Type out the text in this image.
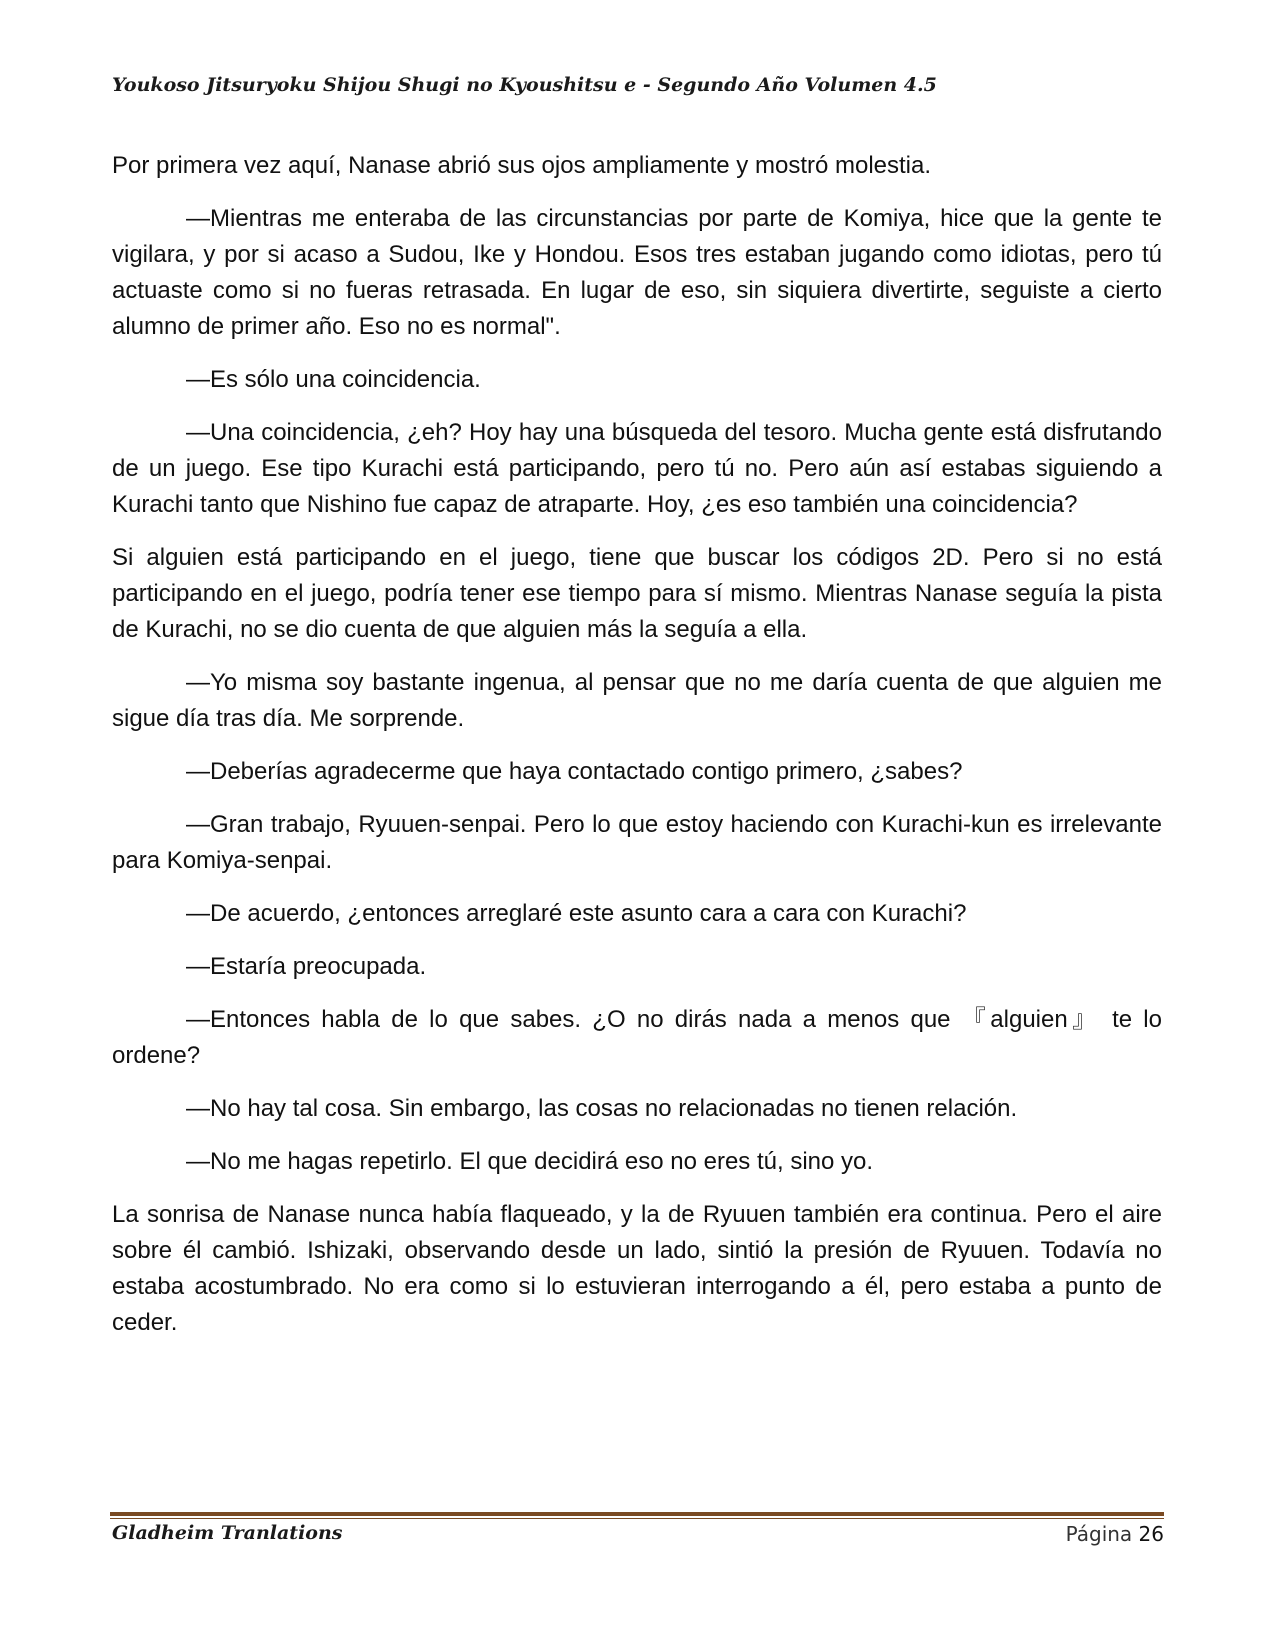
Youkoso Jitsuryoku Shijou Shugi no Kyoushitsu e - Segundo Año Volumen 4.5

Por primera vez aquí, Nanase abrió sus ojos ampliamente y mostró molestia.

—Mientras me enteraba de las circunstancias por parte de Komiya, hice que la gente te vigilara, y por si acaso a Sudou, Ike y Hondou. Esos tres estaban jugando como idiotas, pero tú actuaste como si no fueras retrasada. En lugar de eso, sin siquiera divertirte, seguiste a cierto alumno de primer año. Eso no es normal".

—Es sólo una coincidencia.

—Una coincidencia, ¿eh? Hoy hay una búsqueda del tesoro. Mucha gente está disfrutando de un juego. Ese tipo Kurachi está participando, pero tú no. Pero aún así estabas siguiendo a Kurachi tanto que Nishino fue capaz de atraparte. Hoy, ¿es eso también una coincidencia?

Si alguien está participando en el juego, tiene que buscar los códigos 2D. Pero si no está participando en el juego, podría tener ese tiempo para sí mismo. Mientras Nanase seguía la pista de Kurachi, no se dio cuenta de que alguien más la seguía a ella.

—Yo misma soy bastante ingenua, al pensar que no me daría cuenta de que alguien me sigue día tras día. Me sorprende.

—Deberías agradecerme que haya contactado contigo primero, ¿sabes?

—Gran trabajo, Ryuuen-senpai. Pero lo que estoy haciendo con Kurachi-kun es irrelevante para Komiya-senpai.

—De acuerdo, ¿entonces arreglaré este asunto cara a cara con Kurachi?

—Estaría preocupada.

—Entonces habla de lo que sabes. ¿O no dirás nada a menos que 『alguien』 te lo ordene?

—No hay tal cosa. Sin embargo, las cosas no relacionadas no tienen relación.

—No me hagas repetirlo. El que decidirá eso no eres tú, sino yo.

La sonrisa de Nanase nunca había flaqueado, y la de Ryuuen también era continua. Pero el aire sobre él cambió. Ishizaki, observando desde un lado, sintió la presión de Ryuuen. Todavía no estaba acostumbrado. No era como si lo estuvieran interrogando a él, pero estaba a punto de ceder.

Gladheim Tranlations	Página 26
